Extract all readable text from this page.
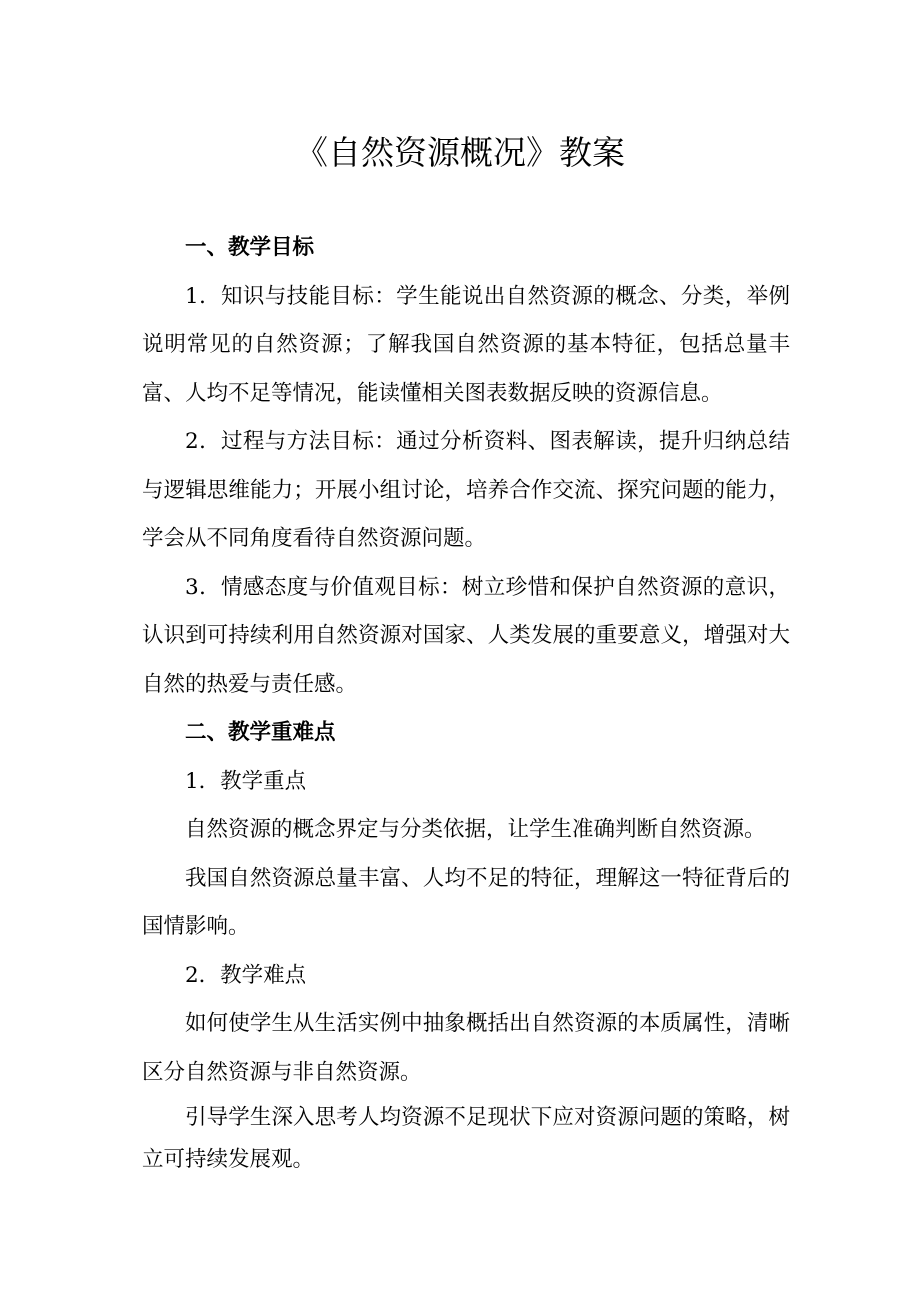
《自然资源概况》教案

一、教学目标

1．知识与技能目标：学生能说出自然资源的概念、分类，举例说明常见的自然资源；了解我国自然资源的基本特征，包括总量丰富、人均不足等情况，能读懂相关图表数据反映的资源信息。

2．过程与方法目标：通过分析资料、图表解读，提升归纳总结与逻辑思维能力；开展小组讨论，培养合作交流、探究问题的能力，学会从不同角度看待自然资源问题。

3．情感态度与价值观目标：树立珍惜和保护自然资源的意识，认识到可持续利用自然资源对国家、人类发展的重要意义，增强对大自然的热爱与责任感。

二、教学重难点

1．教学重点

自然资源的概念界定与分类依据，让学生准确判断自然资源。

我国自然资源总量丰富、人均不足的特征，理解这一特征背后的国情影响。

2．教学难点

如何使学生从生活实例中抽象概括出自然资源的本质属性，清晰区分自然资源与非自然资源。

引导学生深入思考人均资源不足现状下应对资源问题的策略，树立可持续发展观。
